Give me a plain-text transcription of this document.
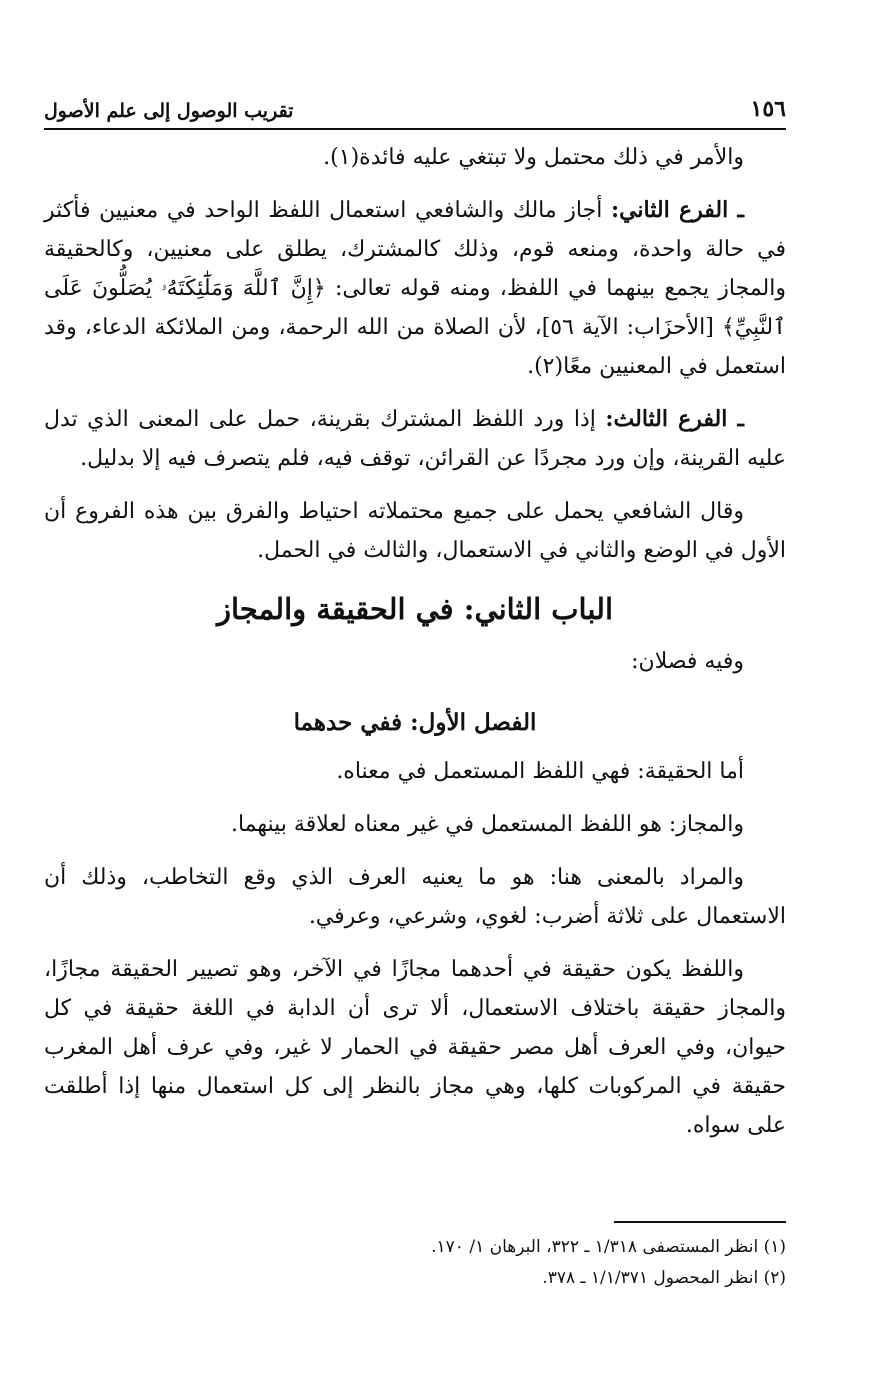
١٥٦
تقريب الوصول إلى علم الأصول

والأمر في ذلك محتمل ولا تبتغي عليه فائدة(١).

ـ الفرع الثاني: أجاز مالك والشافعي استعمال اللفظ الواحد في معنيين فأكثر في حالة واحدة، ومنعه قوم، وذلك كالمشترك، يطلق على معنيين، وكالحقيقة والمجاز يجمع بينهما في اللفظ، ومنه قوله تعالى: ﴿إِنَّ ٱللَّهَ وَمَلَٰٓئِكَتَهُۥ يُصَلُّونَ عَلَى ٱلنَّبِيِّ﴾ [الأحزَاب: الآية ٥٦]، لأن الصلاة من الله الرحمة، ومن الملائكة الدعاء، وقد استعمل في المعنيين معًا(٢).

ـ الفرع الثالث: إذا ورد اللفظ المشترك بقرينة، حمل على المعنى الذي تدل عليه القرينة، وإن ورد مجردًا عن القرائن، توقف فيه، فلم يتصرف فيه إلا بدليل.

وقال الشافعي يحمل على جميع محتملاته احتياط والفرق بين هذه الفروع أن الأول في الوضع والثاني في الاستعمال، والثالث في الحمل.

الباب الثاني: في الحقيقة والمجاز

وفيه فصلان:

الفصل الأول: ففي حدهما

أما الحقيقة: فهي اللفظ المستعمل في معناه.

والمجاز: هو اللفظ المستعمل في غير معناه لعلاقة بينهما.

والمراد بالمعنى هنا: هو ما يعنيه العرف الذي وقع التخاطب، وذلك أن الاستعمال على ثلاثة أضرب: لغوي، وشرعي، وعرفي.

واللفظ يكون حقيقة في أحدهما مجازًا في الآخر، وهو تصيير الحقيقة مجازًا، والمجاز حقيقة باختلاف الاستعمال، ألا ترى أن الدابة في اللغة حقيقة في كل حيوان، وفي العرف أهل مصر حقيقة في الحمار لا غير، وفي عرف أهل المغرب حقيقة في المركوبات كلها، وهي مجاز بالنظر إلى كل استعمال منها إذا أطلقت على سواه.

(١) انظر المستصفى ١/٣١٨ ـ ٣٢٢، البرهان ١/ ١٧٠.

(٢) انظر المحصول ١/١/٣٧١ ـ ٣٧٨.
